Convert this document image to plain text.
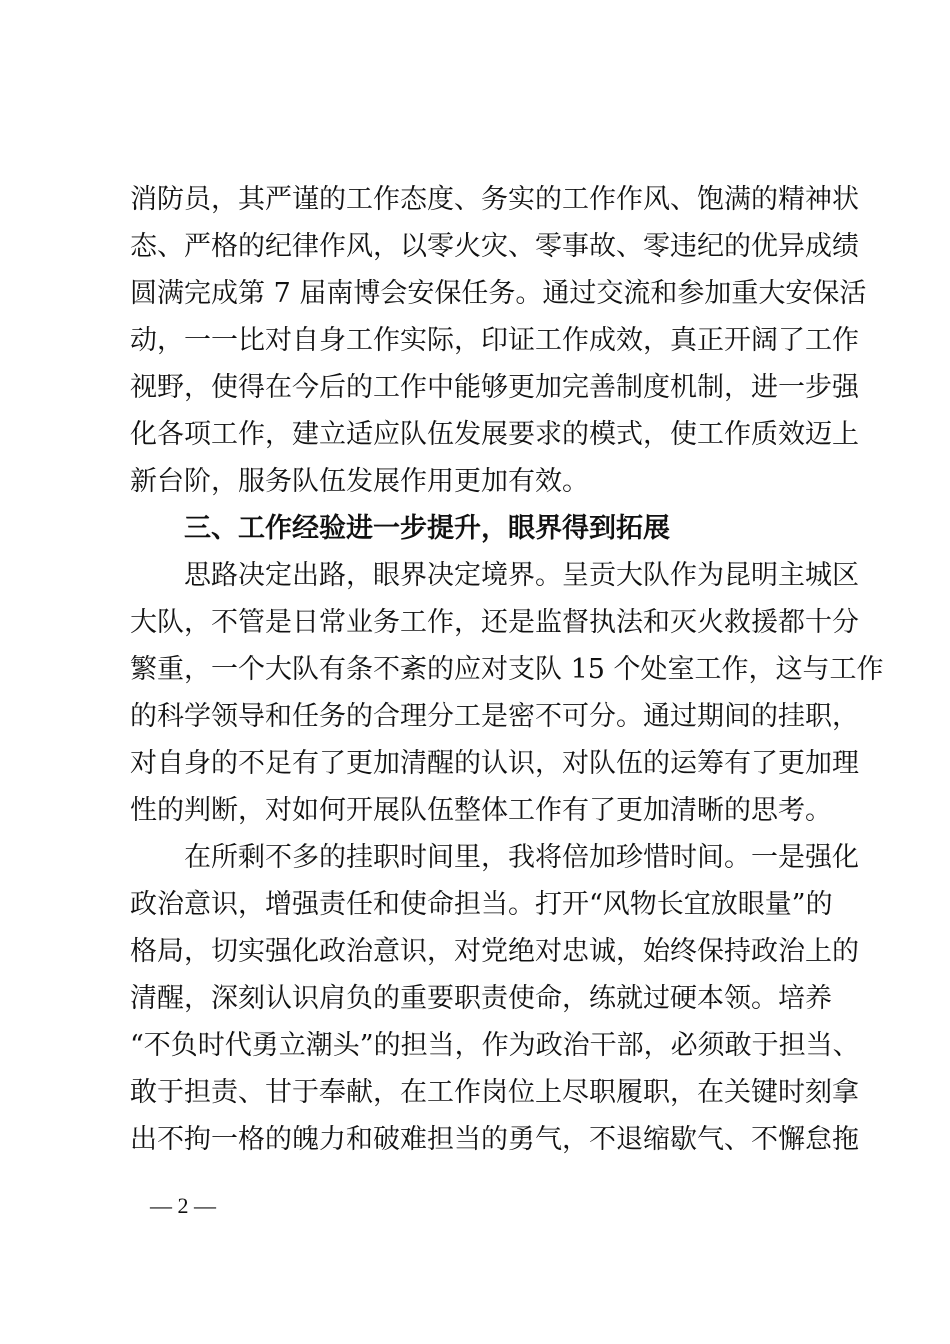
消防员，其严谨的工作态度、务实的工作作风、饱满的精神状
态、严格的纪律作风，以零火灾、零事故、零违纪的优异成绩
圆满完成第 7 届南博会安保任务。通过交流和参加重大安保活
动，一一比对自身工作实际，印证工作成效，真正开阔了工作
视野，使得在今后的工作中能够更加完善制度机制，进一步强
化各项工作，建立适应队伍发展要求的模式，使工作质效迈上
新台阶，服务队伍发展作用更加有效。
三、工作经验进一步提升，眼界得到拓展
思路决定出路，眼界决定境界。呈贡大队作为昆明主城区
大队，不管是日常业务工作，还是监督执法和灭火救援都十分
繁重，一个大队有条不紊的应对支队 15 个处室工作，这与工作
的科学领导和任务的合理分工是密不可分。通过期间的挂职，
对自身的不足有了更加清醒的认识，对队伍的运筹有了更加理
性的判断，对如何开展队伍整体工作有了更加清晰的思考。
在所剩不多的挂职时间里，我将倍加珍惜时间。一是强化
政治意识，增强责任和使命担当。打开“风物长宜放眼量”的
格局，切实强化政治意识，对党绝对忠诚，始终保持政治上的
清醒，深刻认识肩负的重要职责使命，练就过硬本领。培养
“不负时代勇立潮头”的担当，作为政治干部，必须敢于担当、
敢于担责、甘于奉献，在工作岗位上尽职履职，在关键时刻拿
出不拘一格的魄力和破难担当的勇气，不退缩歇气、不懈怠拖
— 2 —
